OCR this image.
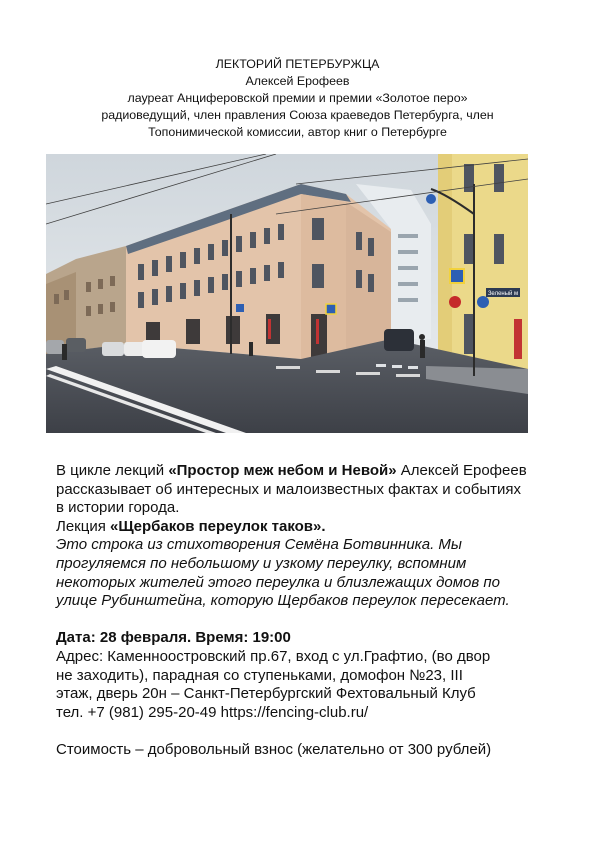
ЛЕКТОРИЙ ПЕТЕРБУРЖЦА
Алексей Ерофеев
лауреат Анциферовской премии и премии «Золотое перо»
радиоведущий, член правления Союза краеведов Петербурга, член
Топонимической комиссии, автор книг о Петербурге
Зеленый м
В цикле лекций «Простор меж небом и Невой» Алексей Ерофеев
рассказывает об интересных и малоизвестных фактах и событиях
в истории города.
Лекция «Щербаков переулок таков».
Это строка из стихотворения Семёна Ботвинника. Мы
прогуляемся по небольшому и узкому переулку, вспомним
некоторых жителей этого переулка и близлежащих домов по
улице Рубинштейна, которую Щербаков переулок пересекает.
Дата: 28 февраля. Время: 19:00
Адрес: Каменноостровский пр.67, вход с ул.Графтио, (во двор
не заходить), парадная со ступеньками, домофон №23, III
этаж, дверь 20н – Санкт-Петербургский Фехтовальный Клуб
тел. +7 (981) 295-20-49 https://fencing-club.ru/
Стоимость – добровольный взнос (желательно от 300 рублей)
